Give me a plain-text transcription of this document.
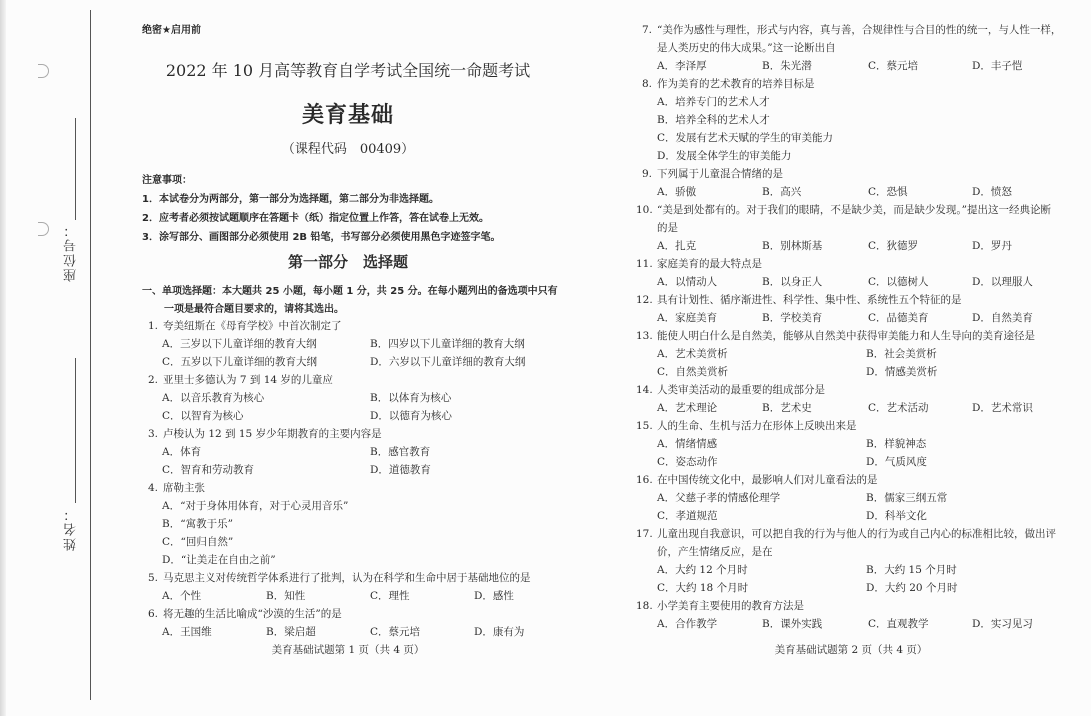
座位号：
姓名：
绝密★启用前
2022 年 10 月高等教育自学考试全国统一命题考试
美育基础
（课程代码　00409）
注意事项：
1．本试卷分为两部分，第一部分为选择题，第二部分为非选择题。
2．应考者必须按试题顺序在答题卡（纸）指定位置上作答，答在试卷上无效。
3．涂写部分、画图部分必须使用 2B 铅笔，书写部分必须使用黑色字迹签字笔。
第一部分　选择题
一、单项选择题：本大题共 25 小题，每小题 1 分，共 25 分。在每小题列出的备选项中只有
一项是最符合题目要求的，请将其选出。
1. 夸美纽斯在《母育学校》中首次制定了
A．三岁以下儿童详细的教育大纲	B．四岁以下儿童详细的教育大纲
C．五岁以下儿童详细的教育大纲	D．六岁以下儿童详细的教育大纲
2. 亚里士多德认为 7 到 14 岁的儿童应
A．以音乐教育为核心	B．以体育为核心
C．以智育为核心	D．以德育为核心
3. 卢梭认为 12 到 15 岁少年期教育的主要内容是
A．体育	B．感官教育
C．智育和劳动教育	D．道德教育
4. 席勒主张
A．“对于身体用体育，对于心灵用音乐”
B．“寓教于乐”
C．“回归自然”
D．“让美走在自由之前”
5. 马克思主义对传统哲学体系进行了批判，认为在科学和生命中居于基础地位的是
A．个性	B．知性	C．理性	D．感性
6. 将无趣的生活比喻成“沙漠的生活”的是
A．王国维	B．梁启超	C．蔡元培	D．康有为
美育基础试题第 1 页（共 4 页）
7. “美作为感性与理性，形式与内容，真与善，合规律性与合目的性的统一，与人性一样，
是人类历史的伟大成果。”这一论断出自
A．李泽厚	B．朱光潜	C．蔡元培	D．丰子恺
8. 作为美育的艺术教育的培养目标是
A．培养专门的艺术人才
B．培养全科的艺术人才
C．发展有艺术天赋的学生的审美能力
D．发展全体学生的审美能力
9. 下列属于儿童混合情绪的是
A．骄傲	B．高兴	C．恐惧	D．愤怒
10. “美是到处都有的。对于我们的眼睛，不是缺少美，而是缺少发现。”提出这一经典论断
的是
A．扎克	B．别林斯基	C．狄德罗	D．罗丹
11. 家庭美育的最大特点是
A．以情动人	B．以身正人	C．以德树人	D．以理服人
12. 具有计划性、循序渐进性、科学性、集中性、系统性五个特征的是
A．家庭美育	B．学校美育	C．品德美育	D．自然美育
13. 能使人明白什么是自然美，能够从自然美中获得审美能力和人生导向的美育途径是
A．艺术美赏析	B．社会美赏析
C．自然美赏析	D．情感美赏析
14. 人类审美活动的最重要的组成部分是
A．艺术理论	B．艺术史	C．艺术活动	D．艺术常识
15. 人的生命、生机与活力在形体上反映出来是
A．情绪情感	B．样貌神态
C．姿态动作	D．气质风度
16. 在中国传统文化中，最影响人们对儿童看法的是
A．父慈子孝的情感伦理学	B．儒家三纲五常
C．孝道规范	D．科举文化
17. 儿童出现自我意识，可以把自我的行为与他人的行为或自己内心的标准相比较，做出评
价，产生情绪反应，是在
A．大约 12 个月时	B．大约 15 个月时
C．大约 18 个月时	D．大约 20 个月时
18. 小学美育主要使用的教育方法是
A．合作教学	B．课外实践	C．直观教学	D．实习见习
美育基础试题第 2 页（共 4 页）
